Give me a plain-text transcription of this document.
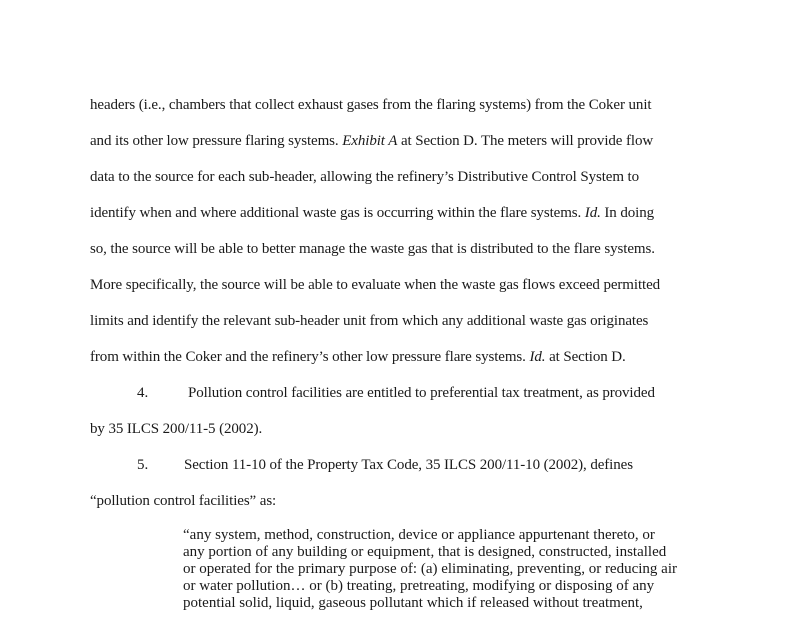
headers (i.e., chambers that collect exhaust gases from the flaring systems) from the Coker unit
and its other low pressure flaring systems. Exhibit A at Section D. The meters will provide flow
data to the source for each sub-header, allowing the refinery’s Distributive Control System to
identify when and where additional waste gas is occurring within the flare systems. Id. In doing
so, the source will be able to better manage the waste gas that is distributed to the flare systems.
More specifically, the source will be able to evaluate when the waste gas flows exceed permitted
limits and identify the relevant sub-header unit from which any additional waste gas originates
from within the Coker and the refinery’s other low pressure flare systems. Id. at Section D.
4.	Pollution control facilities are entitled to preferential tax treatment, as provided
by 35 ILCS 200/11-5 (2002).
5. Section 11-10 of the Property Tax Code, 35 ILCS 200/11-10 (2002), defines
“pollution control facilities” as:
“any system, method, construction, device or appliance appurtenant thereto, or
any portion of any building or equipment, that is designed, constructed, installed
or operated for the primary purpose of: (a) eliminating, preventing, or reducing air
or water pollution… or (b) treating, pretreating, modifying or disposing of any
potential solid, liquid, gaseous pollutant which if released without treatment,
